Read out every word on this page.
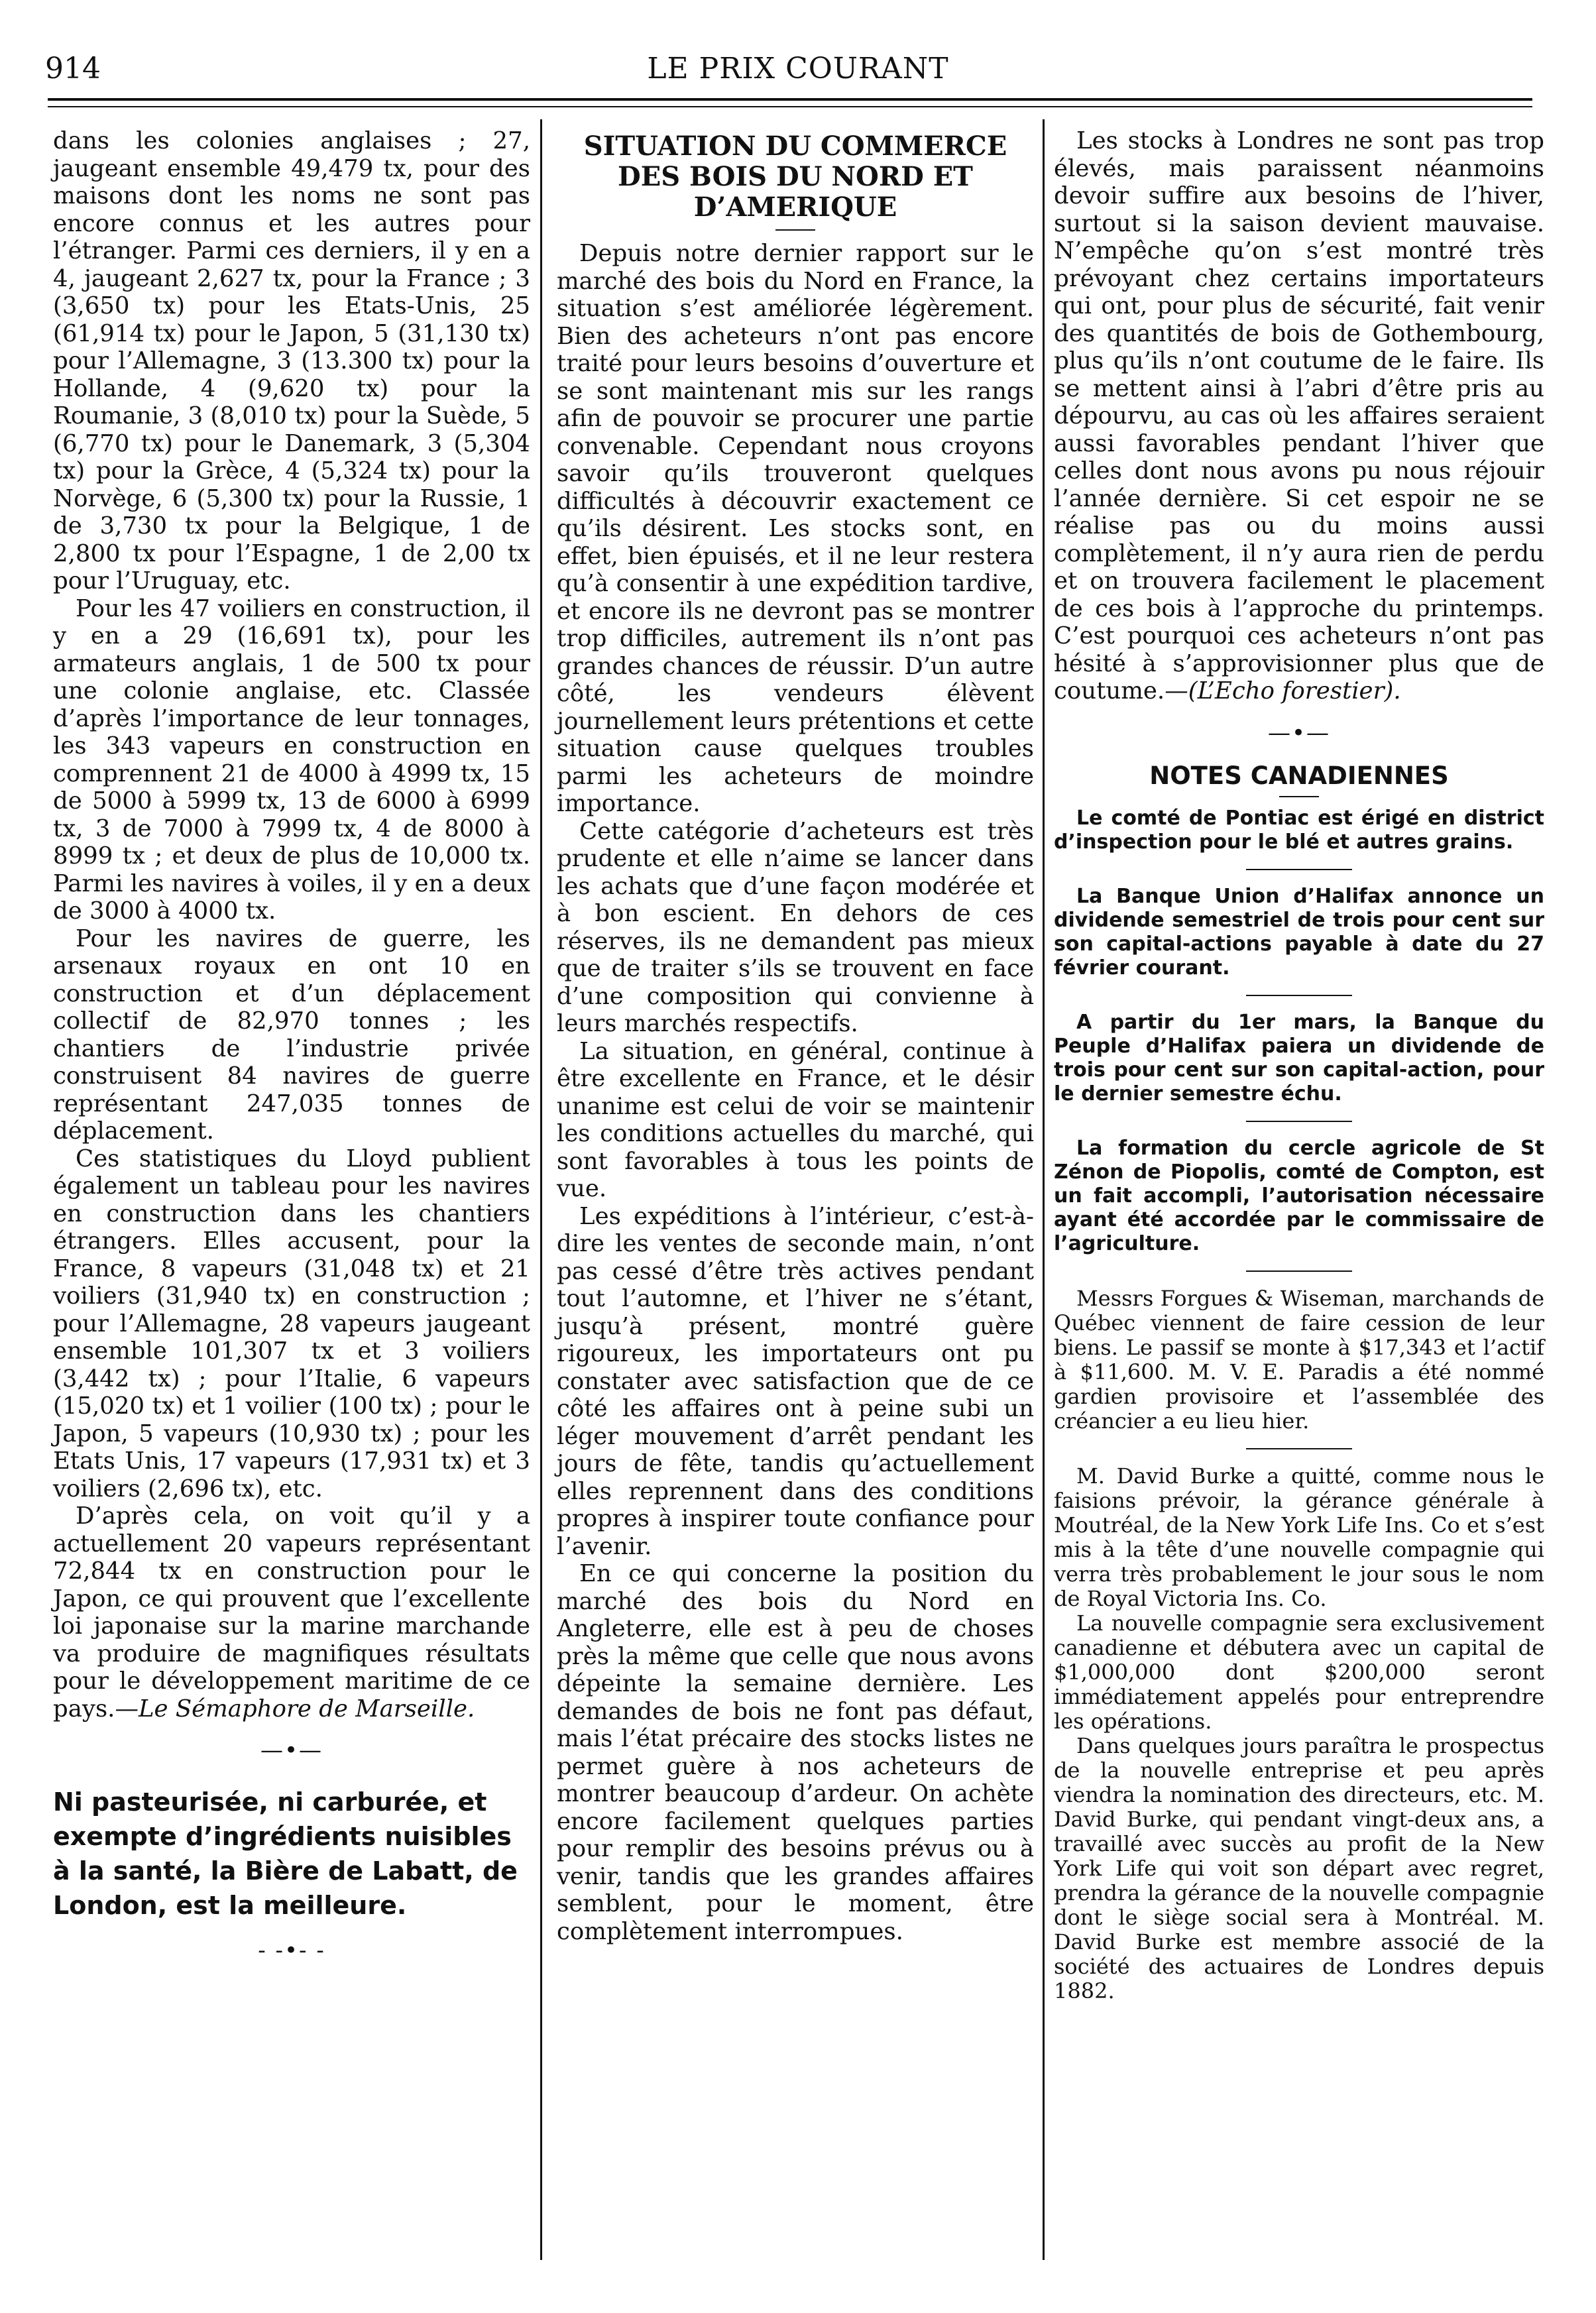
914	LE PRIX COURANT

dans les colonies anglaises ; 27, jaugeant ensemble 49,479 tx, pour des maisons dont les noms ne sont pas encore connus et les autres pour l’étranger. Parmi ces derniers, il y en a 4, jaugeant 2,627 tx, pour la France ; 3 (3,650 tx) pour les Etats-Unis, 25 (61,914 tx) pour le Japon, 5 (31,130 tx) pour l’Allemagne, 3 (13.300 tx) pour la Hollande, 4 (9,620 tx) pour la Roumanie, 3 (8,010 tx) pour la Suède, 5 (6,770 tx) pour le Danemark, 3 (5,304 tx) pour la Grèce, 4 (5,324 tx) pour la Norvège, 6 (5,300 tx) pour la Russie, 1 de 3,730 tx pour la Belgique, 1 de 2,800 tx pour l’Espagne, 1 de 2,00 tx pour l’Uruguay, etc.

Pour les 47 voiliers en construction, il y en a 29 (16,691 tx), pour les armateurs anglais, 1 de 500 tx pour une colonie anglaise, etc. Classée d’après l’importance de leur tonnages, les 343 vapeurs en construction en comprennent 21 de 4000 à 4999 tx, 15 de 5000 à 5999 tx, 13 de 6000 à 6999 tx, 3 de 7000 à 7999 tx, 4 de 8000 à 8999 tx ; et deux de plus de 10,000 tx. Parmi les navires à voiles, il y en a deux de 3000 à 4000 tx.

Pour les navires de guerre, les arsenaux royaux en ont 10 en construction et d’un déplacement collectif de 82,970 tonnes ; les chantiers de l’industrie privée construisent 84 navires de guerre représentant 247,035 tonnes de déplacement.

Ces statistiques du Lloyd publient également un tableau pour les navires en construction dans les chantiers étrangers. Elles accusent, pour la France, 8 vapeurs (31,048 tx) et 21 voiliers (31,940 tx) en construction ; pour l’Allemagne, 28 vapeurs jaugeant ensemble 101,307 tx et 3 voiliers (3,442 tx) ; pour l’Italie, 6 vapeurs (15,020 tx) et 1 voilier (100 tx) ; pour le Japon, 5 vapeurs (10,930 tx) ; pour les Etats Unis, 17 vapeurs (17,931 tx) et 3 voiliers (2,696 tx), etc.

D’après cela, on voit qu’il y a actuellement 20 vapeurs représentant 72,844 tx en construction pour le Japon, ce qui prouvent que l’excellente loi japonaise sur la marine marchande va produire de magnifiques résultats pour le développement maritime de ce pays.—Le Sémaphore de Marseille.

—•—
Ni pasteurisée, ni carburée, et exempte d’ingrédients nuisibles à la santé, la Bière de Labatt, de London, est la meilleure.
- -•- -
SITUATION DU COMMERCE DES BOIS DU NORD ET D’AMERIQUE

Depuis notre dernier rapport sur le marché des bois du Nord en France, la situation s’est améliorée légèrement. Bien des acheteurs n’ont pas encore traité pour leurs besoins d’ouverture et se sont maintenant mis sur les rangs afin de pouvoir se procurer une partie convenable. Cependant nous croyons savoir qu’ils trouveront quelques difficultés à découvrir exactement ce qu’ils désirent. Les stocks sont, en effet, bien épuisés, et il ne leur restera qu’à consentir à une expédition tardive, et encore ils ne devront pas se montrer trop difficiles, autrement ils n’ont pas grandes chances de réussir. D’un autre côté, les vendeurs élèvent journellement leurs prétentions et cette situation cause quelques troubles parmi les acheteurs de moindre importance.

Cette catégorie d’acheteurs est très prudente et elle n’aime se lancer dans les achats que d’une façon modérée et à bon escient. En dehors de ces réserves, ils ne demandent pas mieux que de traiter s’ils se trouvent en face d’une composition qui convienne à leurs marchés respectifs.

La situation, en général, continue à être excellente en France, et le désir unanime est celui de voir se maintenir les conditions actuelles du marché, qui sont favorables à tous les points de vue.

Les expéditions à l’intérieur, c’est-à-dire les ventes de seconde main, n’ont pas cessé d’être très actives pendant tout l’automne, et l’hiver ne s’étant, jusqu’à présent, montré guère rigoureux, les importateurs ont pu constater avec satisfaction que de ce côté les affaires ont à peine subi un léger mouvement d’arrêt pendant les jours de fête, tandis qu’actuellement elles reprennent dans des conditions propres à inspirer toute confiance pour l’avenir.

En ce qui concerne la position du marché des bois du Nord en Angleterre, elle est à peu de choses près la même que celle que nous avons dépeinte la semaine dernière. Les demandes de bois ne font pas défaut, mais l’état précaire des stocks listes ne permet guère à nos acheteurs de montrer beaucoup d’ardeur. On achète encore facilement quelques parties pour remplir des besoins prévus ou à venir, tandis que les grandes affaires semblent, pour le moment, être complètement interrompues.

Les stocks à Londres ne sont pas trop élevés, mais paraissent néanmoins devoir suffire aux besoins de l’hiver, surtout si la saison devient mauvaise. N’empêche qu’on s’est montré très prévoyant chez certains importateurs qui ont, pour plus de sécurité, fait venir des quantités de bois de Gothembourg, plus qu’ils n’ont coutume de le faire. Ils se mettent ainsi à l’abri d’être pris au dépourvu, au cas où les affaires seraient aussi favorables pendant l’hiver que celles dont nous avons pu nous réjouir l’année dernière. Si cet espoir ne se réalise pas ou du moins aussi complètement, il n’y aura rien de perdu et on trouvera facilement le placement de ces bois à l’approche du printemps. C’est pourquoi ces acheteurs n’ont pas hésité à s’approvisionner plus que de coutume.—(L’Echo forestier).

—•—
NOTES CANADIENNES

Le comté de Pontiac est érigé en district d’inspection pour le blé et autres grains.

La Banque Union d’Halifax annonce un dividende semestriel de trois pour cent sur son capital-actions payable à date du 27 février courant.

A partir du 1er mars, la Banque du Peuple d’Halifax paiera un dividende de trois pour cent sur son capital-action, pour le dernier semestre échu.

La formation du cercle agricole de St Zénon de Piopolis, comté de Compton, est un fait accompli, l’autorisation nécessaire ayant été accordée par le commissaire de l’agriculture.

Messrs Forgues & Wiseman, marchands de Québec viennent de faire cession de leur biens. Le passif se monte à $17,343 et l’actif à $11,600. M. V. E. Paradis a été nommé gardien provisoire et l’assemblée des créancier a eu lieu hier.

M. David Burke a quitté, comme nous le faisions prévoir, la gérance générale à Moutréal, de la New York Life Ins. Co et s’est mis à la tête d’une nouvelle compagnie qui verra très probablement le jour sous le nom de Royal Victoria Ins. Co.

La nouvelle compagnie sera exclusivement canadienne et débutera avec un capital de $1,000,000 dont $200,000 seront immédiatement appelés pour entreprendre les opérations.

Dans quelques jours paraîtra le prospectus de la nouvelle entreprise et peu après viendra la nomination des directeurs, etc. M. David Burke, qui pendant vingt-deux ans, a travaillé avec succès au profit de la New York Life qui voit son départ avec regret, prendra la gérance de la nouvelle compagnie dont le siège social sera à Montréal. M. David Burke est membre associé de la société des actuaires de Londres depuis 1882.
